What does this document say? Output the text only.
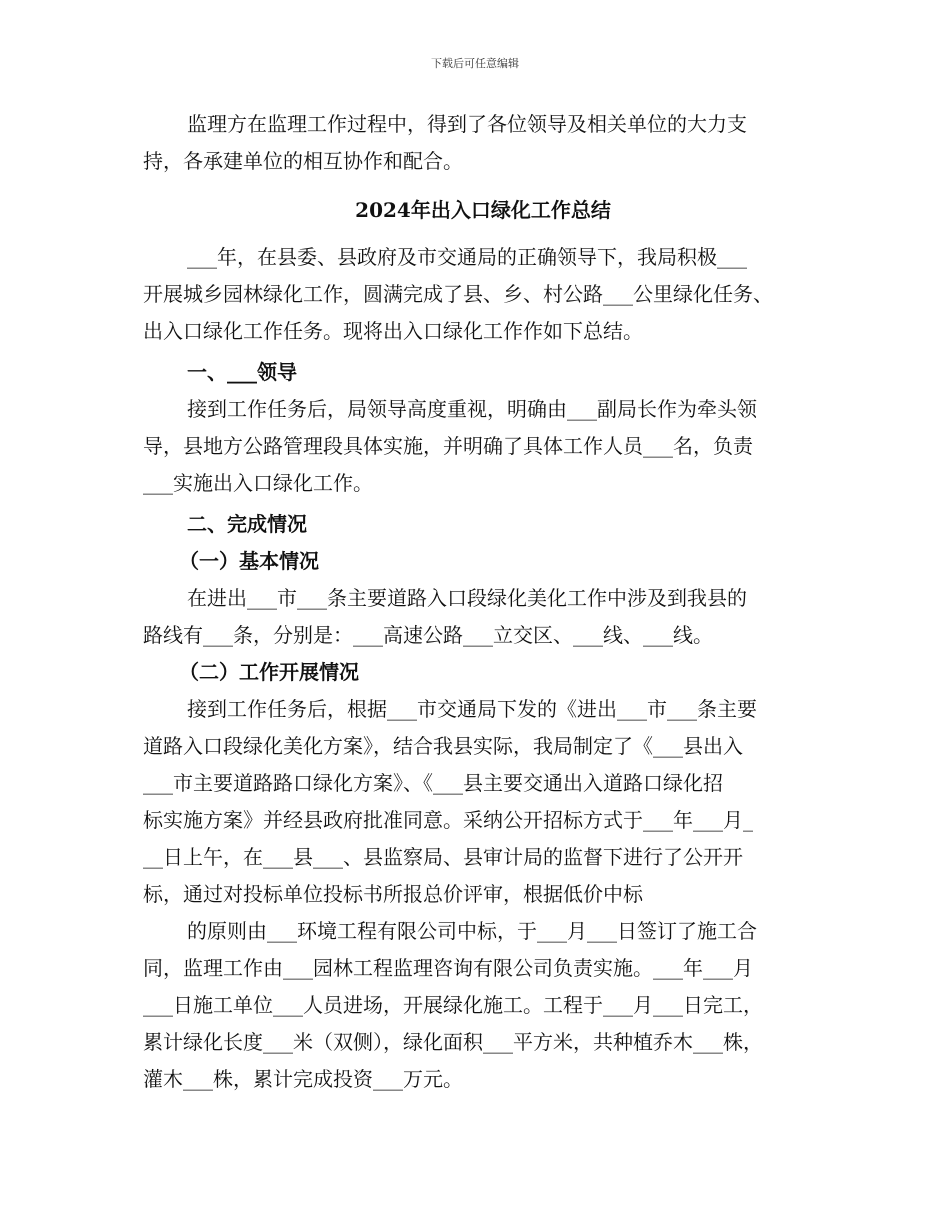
下载后可任意编辑
监理方在监理工作过程中，得到了各位领导及相关单位的大力支
持，各承建单位的相互协作和配合。
2024年出入口绿化工作总结
___年，在县委、县政府及市交通局的正确领导下，我局积极___
开展城乡园林绿化工作，圆满完成了县、乡、村公路___公里绿化任务、
出入口绿化工作任务。现将出入口绿化工作作如下总结。
一、___领导
接到工作任务后，局领导高度重视，明确由___副局长作为牵头领
导，县地方公路管理段具体实施，并明确了具体工作人员___名，负责
___实施出入口绿化工作。
二、完成情况
（一）基本情况
在进出___市___条主要道路入口段绿化美化工作中涉及到我县的
路线有___条，分别是：___高速公路___立交区、___线、___线。
（二）工作开展情况
接到工作任务后，根据___市交通局下发的《进出___市___条主要
道路入口段绿化美化方案》，结合我县实际，我局制定了《___县出入
___市主要道路路口绿化方案》、《___县主要交通出入道路口绿化招
标实施方案》并经县政府批准同意。采纳公开招标方式于___年___月_
__日上午，在___县___、县监察局、县审计局的监督下进行了公开开
标，通过对投标单位投标书所报总价评审，根据低价中标
的原则由___环境工程有限公司中标，于___月___日签订了施工合
同，监理工作由___园林工程监理咨询有限公司负责实施。___年___月
___日施工单位___人员进场，开展绿化施工。工程于___月___日完工，
累计绿化长度___米（双侧），绿化面积___平方米，共种植乔木___株，
灌木___株，累计完成投资___万元。
